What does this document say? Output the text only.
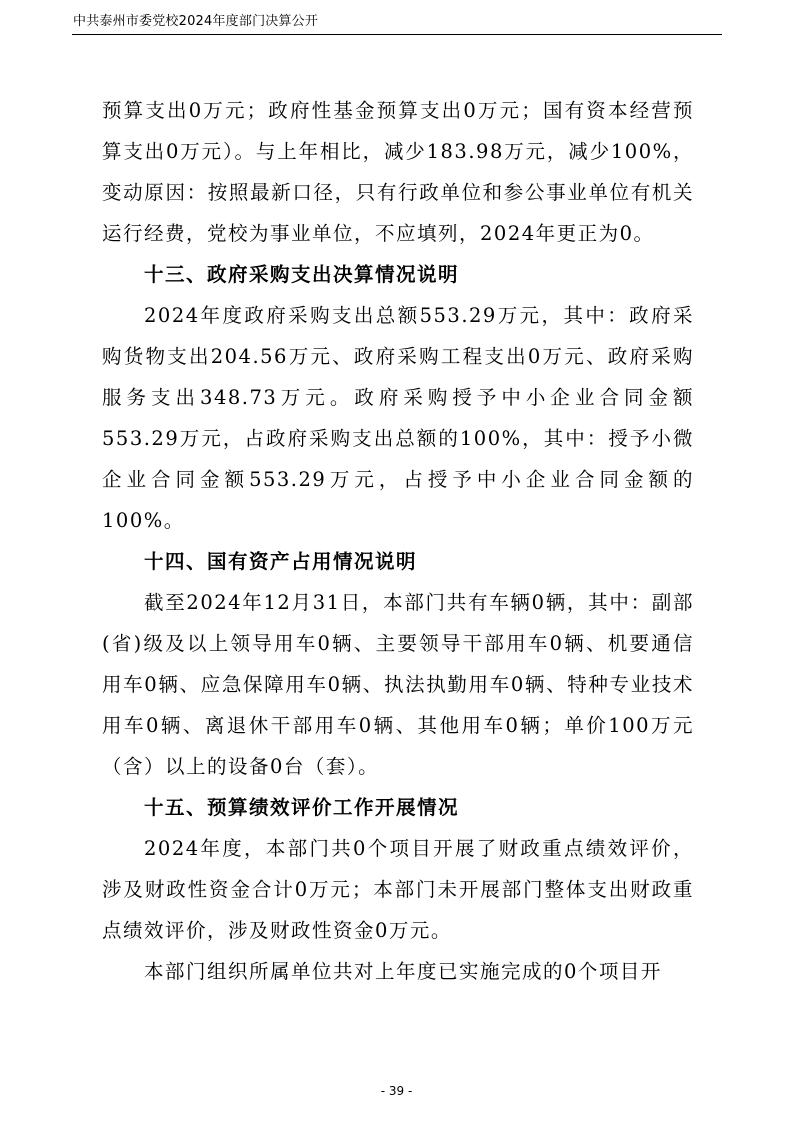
中共泰州市委党校2024年度部门决算公开

预算支出0万元；政府性基金预算支出0万元；国有资本经营预算支出0万元）。与上年相比，减少183.98万元，减少100%，变动原因：按照最新口径，只有行政单位和参公事业单位有机关运行经费，党校为事业单位，不应填列，2024年更正为0。

十三、政府采购支出决算情况说明

2024年度政府采购支出总额553.29万元，其中：政府采购货物支出204.56万元、政府采购工程支出0万元、政府采购服务支出348.73万元。政府采购授予中小企业合同金额553.29万元，占政府采购支出总额的100%，其中：授予小微企业合同金额553.29万元，占授予中小企业合同金额的100%。

十四、国有资产占用情况说明

截至2024年12月31日，本部门共有车辆0辆，其中：副部(省)级及以上领导用车0辆、主要领导干部用车0辆、机要通信用车0辆、应急保障用车0辆、执法执勤用车0辆、特种专业技术用车0辆、离退休干部用车0辆、其他用车0辆；单价100万元（含）以上的设备0台（套）。

十五、预算绩效评价工作开展情况

2024年度，本部门共0个项目开展了财政重点绩效评价，涉及财政性资金合计0万元；本部门未开展部门整体支出财政重点绩效评价，涉及财政性资金0万元。

本部门组织所属单位共对上年度已实施完成的0个项目开

- 39 -
